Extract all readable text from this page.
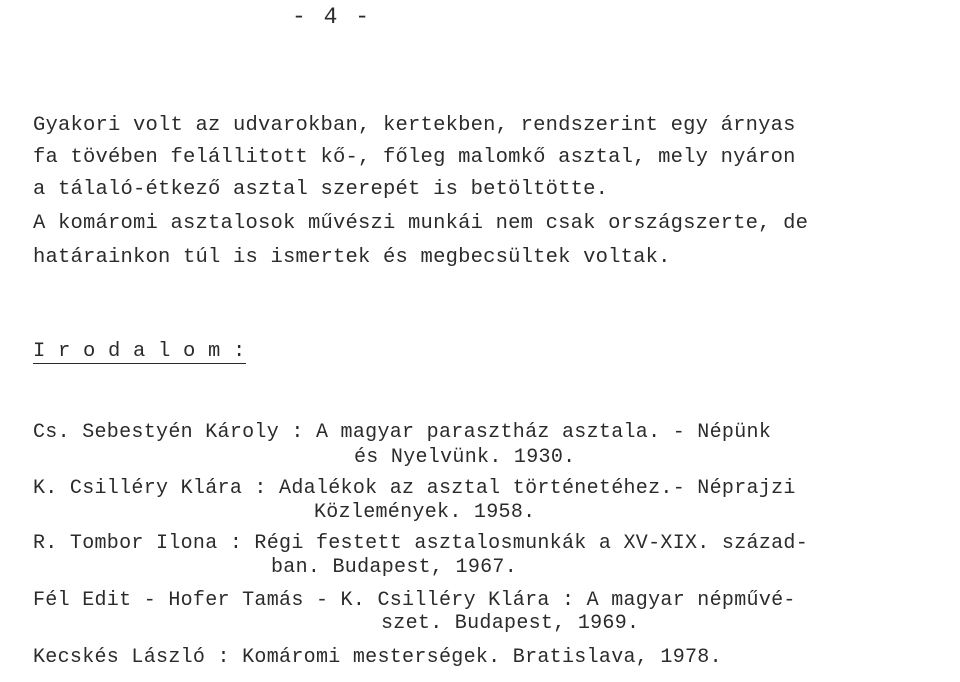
- 4 -
Gyakori volt az udvarokban, kertekben, rendszerint egy árnyas
fa tövében felállitott kő-, főleg malomkő asztal, mely nyáron
a tálaló-étkező asztal szerepét is betöltötte.
A komáromi asztalosok művészi munkái nem csak országszerte, de
határainkon túl is ismertek és megbecsültek voltak.
I r o d a l o m :
Cs. Sebestyén Károly : A magyar parasztház asztala. - Népünk
és Nyelvünk. 1930.
K. Csilléry Klára : Adalékok az asztal történetéhez.- Néprajzi
Közlemények. 1958.
R. Tombor Ilona : Régi festett asztalosmunkák a XV-XIX. század-
ban. Budapest, 1967.
Fél Edit - Hofer Tamás - K. Csilléry Klára : A magyar népművé-
szet. Budapest, 1969.
Kecskés László : Komáromi mesterségek. Bratislava, 1978.
